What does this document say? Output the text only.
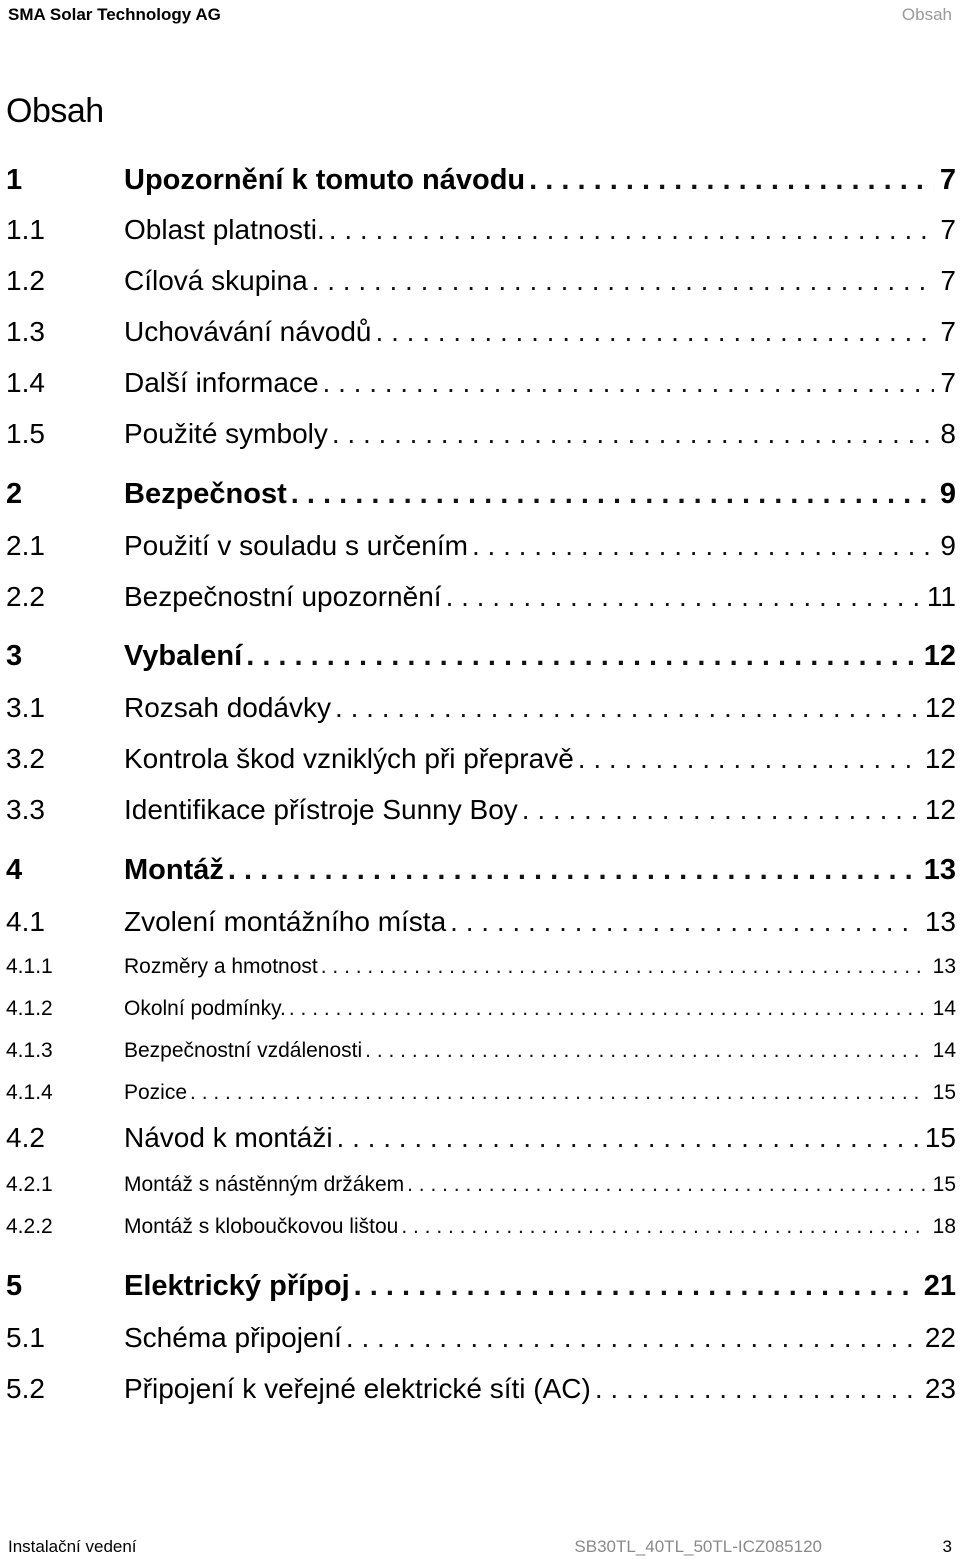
SMA Solar Technology AG	Obsah
Obsah
1	Upozornění k tomuto návodu . . .	7
1.1	Oblast platnosti. . . .	7
1.2	Cílová skupina . . .	7
1.3	Uchovávání návodů . . .	7
1.4	Další informace . . .	7
1.5	Použité symboly . . .	8
2	Bezpečnost . . .	9
2.1	Použití v souladu s určením . . .	9
2.2	Bezpečnostní upozornění . . .	11
3	Vybalení . . .	12
3.1	Rozsah dodávky . . .	12
3.2	Kontrola škod vzniklých při přepravě . . .	12
3.3	Identifikace přístroje Sunny Boy . . .	12
4	Montáž . . .	13
4.1	Zvolení montážního místa . . .	13
4.1.1	Rozměry a hmotnost . . .	13
4.1.2	Okolní podmínky. . . .	14
4.1.3	Bezpečnostní vzdálenosti . . .	14
4.1.4	Pozice . . .	15
4.2	Návod k montáži . . .	15
4.2.1	Montáž s nástěnným držákem . . .	15
4.2.2	Montáž s kloboučkovou lištou . . .	18
5	Elektrický přípoj . . .	21
5.1	Schéma připojení . . .	22
5.2	Připojení k veřejné elektrické síti (AC) . . .	23
Instalační vedení	SB30TL_40TL_50TL-ICZ085120	3
